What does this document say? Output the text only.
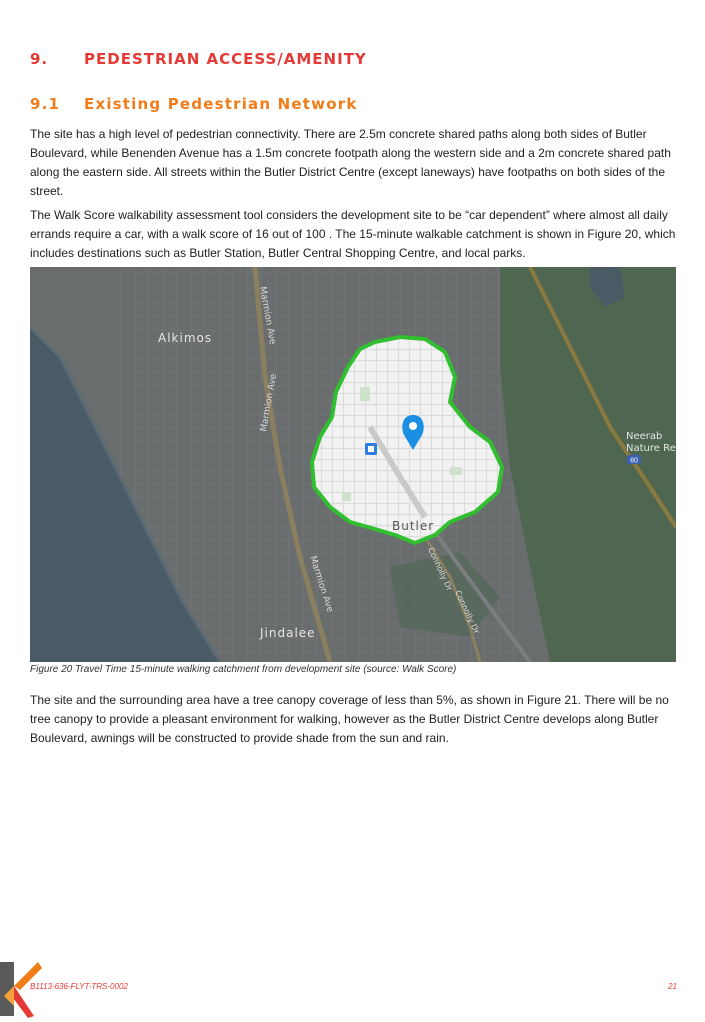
9. PEDESTRIAN ACCESS/AMENITY
9.1 Existing Pedestrian Network

The site has a high level of pedestrian connectivity. There are 2.5m concrete shared paths along both sides of Butler Boulevard, while Benenden Avenue has a 1.5m concrete footpath along the western side and a 2m concrete shared path along the eastern side. All streets within the Butler District Centre (except laneways) have footpaths on both sides of the street.

The Walk Score walkability assessment tool considers the development site to be “car dependent” where almost all daily errands require a car, with a walk score of 16 out of 100 . The 15-minute walkable catchment is shown in Figure 20, which includes destinations such as Butler Station, Butler Central Shopping Centre, and local parks.

60
Alkimos
Butler
Jindalee
Neerab
Nature Re
Marmion Ave
Marmion Ave
Marmion Ave	Connolly Dr
Connolly Dr
Figure 20 Travel Time 15-minute walking catchment from development site (source: Walk Score)

The site and the surrounding area have a tree canopy coverage of less than 5%, as shown in Figure 21. There will be no tree canopy to provide a pleasant environment for walking, however as the Butler District Centre develops along Butler Boulevard, awnings will be constructed to provide shade from the sun and rain.

B1113-636-FLYT-TRS-0002	21
